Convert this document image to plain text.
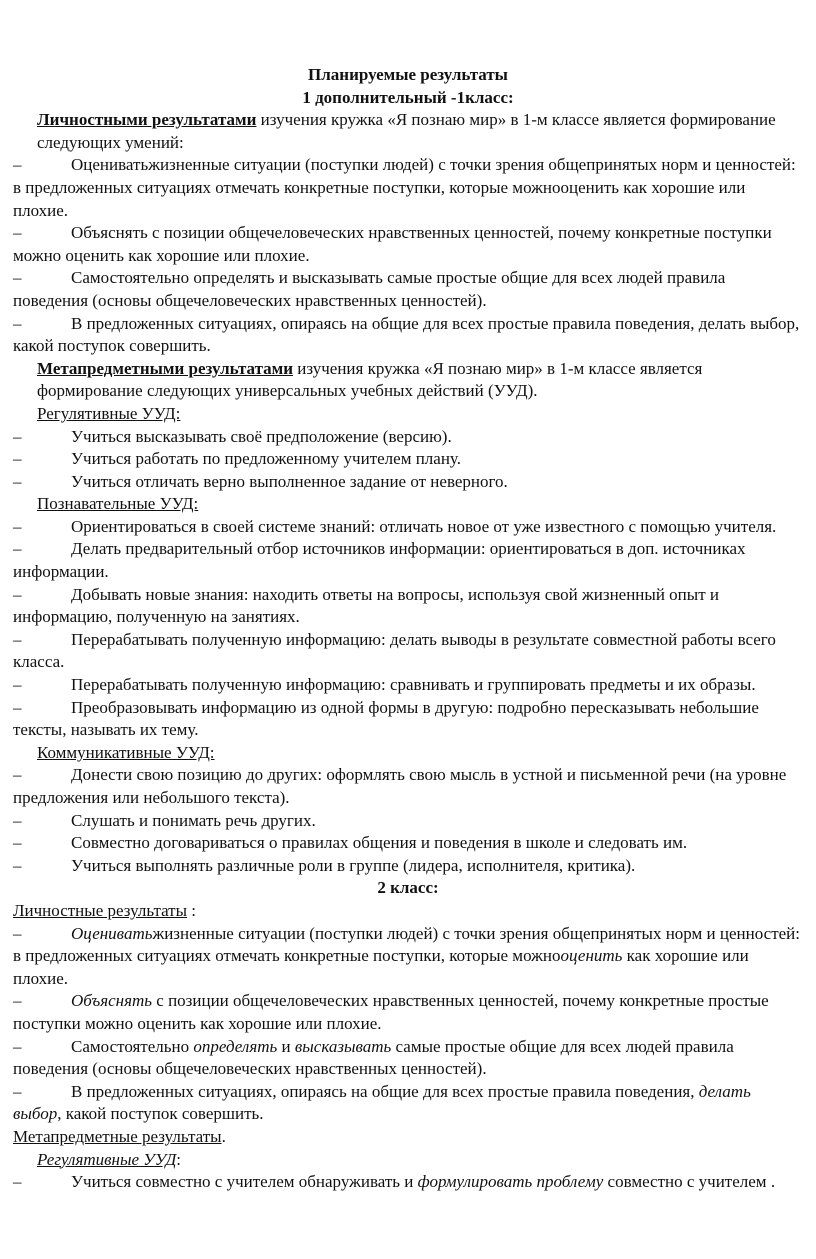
Планируемые результаты
1 дополнительный -1класс:

Личностными результатами изучения кружка «Я познаю мир» в 1-м классе является формирование следующих умений:

–	Оцениватьжизненные ситуации (поступки людей) с точки зрения общепринятых норм и ценностей: в предложенных ситуациях отмечать конкретные поступки, которые можнооценить как хорошие или плохие.

–	Объяснять с позиции общечеловеческих нравственных ценностей, почему конкретные поступки можно оценить как хорошие или плохие.

–	Самостоятельно определять и высказывать самые простые общие для всех людей правила поведения (основы общечеловеческих нравственных ценностей).

–	В предложенных ситуациях, опираясь на общие для всех простые правила поведения, делать выбор, какой поступок совершить.

Метапредметными результатами изучения кружка «Я познаю мир» в 1-м классе является формирование следующих универсальных учебных действий (УУД).

Регулятивные УУД:

–	Учиться высказывать своё предположение (версию).

–	Учиться работать по предложенному учителем плану.

–	Учиться отличать верно выполненное задание от неверного.

Познавательные УУД:

–	Ориентироваться в своей системе знаний: отличать новое от уже известного с помощью учителя.

–	Делать предварительный отбор источников информации: ориентироваться в доп. источниках информации.

–	Добывать новые знания: находить ответы на вопросы, используя свой жизненный опыт и информацию, полученную на занятиях.

–	Перерабатывать полученную информацию: делать выводы в результате совместной работы всего класса.

–	Перерабатывать полученную информацию: сравнивать и группировать предметы и их образы.

–	Преобразовывать информацию из одной формы в другую: подробно пересказывать небольшие тексты, называть их тему.

Коммуникативные УУД:

–	Донести свою позицию до других: оформлять свою мысль в устной и письменной речи (на уровне предложения или небольшого текста).

–	Слушать и понимать речь других.

–	Совместно договариваться о правилах общения и поведения в школе и следовать им.

–	Учиться выполнять различные роли в группе (лидера, исполнителя, критика).

2 класс:

Личностные результаты :

–	Оцениватьжизненные ситуации (поступки людей) с точки зрения общепринятых норм и ценностей: в предложенных ситуациях отмечать конкретные поступки, которые можнооценить как хорошие или плохие.

–	Объяснять с позиции общечеловеческих нравственных ценностей, почему конкретные простые поступки можно оценить как хорошие или плохие.

–	Самостоятельно определять и высказывать самые простые общие для всех людей правила поведения (основы общечеловеческих нравственных ценностей).

–	В предложенных ситуациях, опираясь на общие для всех простые правила поведения, делать выбор, какой поступок совершить.

Метапредметные результаты.

Регулятивные УУД:

–	Учиться совместно с учителем обнаруживать и формулировать проблему совместно с учителем .
